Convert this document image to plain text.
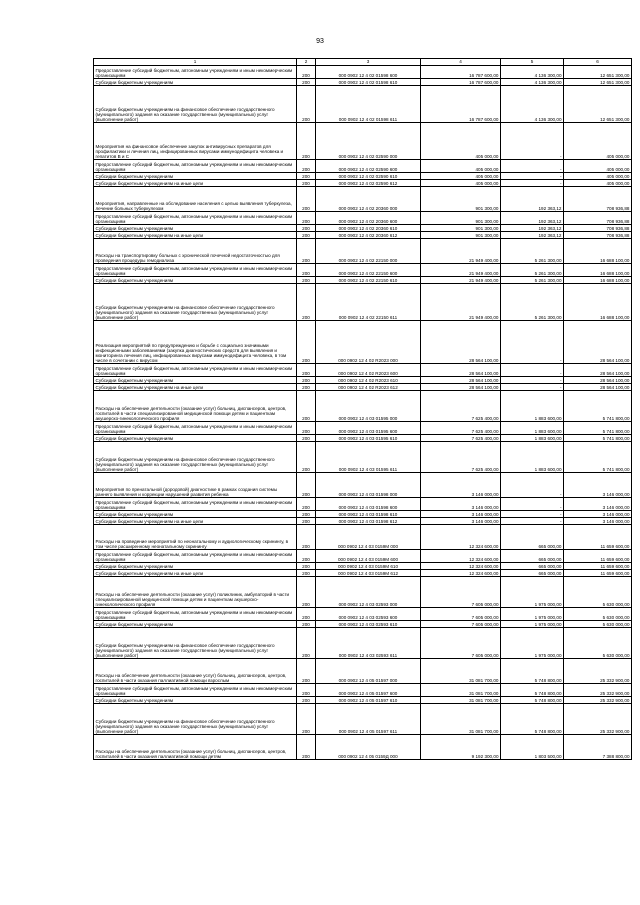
93
1	2	3	4	5	6
Предоставление субсидий бюджетным, автономным учреждениям и иным некоммерческим организациям	200	000 0902 12 4 02 01598 600	16 787 600,00	4 136 300,00	12 651 300,00
Субсидии бюджетным учреждениям	200	000 0902 12 4 02 01598 610	16 787 600,00	4 136 300,00	12 651 300,00
Субсидии бюджетным учреждениям на финансовое обеспечение государственного (муниципального) задания на оказание государственных (муниципальных) услуг (выполнение работ)	200	000 0902 12 4 02 01598 611	16 787 600,00	4 136 300,00	12 651 300,00
Мероприятия на финансовое обеспечение закупок антивирусных препаратов для профилактики и лечения лиц, инфицированных вирусами иммунодефицита человека и гепатитов В и С	200	000 0902 12 4 02 02590 000	405 000,00	-	405 000,00
Предоставление субсидий бюджетным, автономным учреждениям и иным некоммерческим организациям	200	000 0902 12 4 02 02590 600	405 000,00	-	405 000,00
Субсидии бюджетным учреждениям	200	000 0902 12 4 02 02590 610	405 000,00	-	405 000,00
Субсидии бюджетным учреждениям на иные цели	200	000 0902 12 4 02 02590 612	405 000,00	-	405 000,00
Мероприятия, направленные на обследование населения с целью выявления туберкулеза, лечение больных туберкулезом	200	000 0902 12 4 02 20360 000	901 300,00	192 363,12	708 936,88
Предоставление субсидий бюджетным, автономным учреждениям и иным некоммерческим организациям	200	000 0902 12 4 02 20360 600	901 300,00	192 363,12	708 936,88
Субсидии бюджетным учреждениям	200	000 0902 12 4 02 20360 610	901 300,00	192 363,12	708 936,88
Субсидии бюджетным учреждениям на иные цели	200	000 0902 12 4 02 20360 612	901 300,00	192 363,12	708 936,88
Расходы на транспортировку больных с хронической почечной недостаточностью для проведения процедуры гемодиализа	200	000 0902 12 4 02 22150 000	21 949 400,00	5 261 300,00	16 688 100,00
Предоставление субсидий бюджетным, автономным учреждениям и иным некоммерческим организациям	200	000 0902 12 4 02 22150 600	21 949 400,00	5 261 300,00	16 688 100,00
Субсидии бюджетным учреждениям	200	000 0902 12 4 02 22150 610	21 949 400,00	5 261 300,00	16 688 100,00
Субсидии бюджетным учреждениям на финансовое обеспечение государственного (муниципального) задания на оказание государственных (муниципальных) услуг (выполнение работ)	200	000 0902 12 4 02 22150 611	21 949 400,00	5 261 300,00	16 688 100,00
Реализация мероприятий по предупреждению и борьбе с социально значимыми инфекционными заболеваниями (закупка диагностических средств для выявления и мониторинга лечения лиц, инфицированных вирусами иммунодефицита человека, в том числе в сочетании с вирусом	200	000 0902 12 4 02 R2023 000	28 564 100,00	-	28 564 100,00
Предоставление субсидий бюджетным, автономным учреждениям и иным некоммерческим организациям	200	000 0902 12 4 02 R2023 600	28 564 100,00	-	28 564 100,00
Субсидии бюджетным учреждениям	200	000 0902 12 4 02 R2023 610	28 564 100,00	-	28 564 100,00
Субсидии бюджетным учреждениям на иные цели	200	000 0902 12 4 02 R2023 612	28 564 100,00	-	28 564 100,00
Расходы на обеспечение деятельности (оказание услуг) больниц, диспансеров, центров, госпиталей в части специализированной медицинской помощи детям и пациенткам акушерско-гинекологического профиля	200	000 0902 12 4 03 01595 000	7 625 400,00	1 883 600,00	5 741 800,00
Предоставление субсидий бюджетным, автономным учреждениям и иным некоммерческим организациям	200	000 0902 12 4 03 01595 600	7 625 400,00	1 883 600,00	5 741 800,00
Субсидии бюджетным учреждениям	200	000 0902 12 4 03 01595 610	7 625 400,00	1 883 600,00	5 741 800,00
Субсидии бюджетным учреждениям на финансовое обеспечение государственного (муниципального) задания на оказание государственных (муниципальных) услуг (выполнение работ)	200	000 0902 12 4 03 01595 611	7 625 400,00	1 883 600,00	5 741 800,00
Мероприятия по пренатальной (дородовой) диагностике в рамках создания системы раннего выявления и коррекции нарушений развития ребенка	200	000 0902 12 4 03 01598 000	3 146 000,00	-	3 146 000,00
Предоставление субсидий бюджетным, автономным учреждениям и иным некоммерческим организациям	200	000 0902 12 4 03 01598 600	3 146 000,00	-	3 146 000,00
Субсидии бюджетным учреждениям	200	000 0902 12 4 03 01598 610	3 146 000,00	-	3 146 000,00
Субсидии бюджетным учреждениям на иные цели	200	000 0902 12 4 03 01598 612	3 146 000,00	-	3 146 000,00
Расходы на проведение мероприятий по неонатальному и аудиологическому скринингу, в том числе расширенному неонатальному скринингу	200	000 0902 12 4 03 0159M 000	12 324 600,00	665 000,00	11 659 600,00
Предоставление субсидий бюджетным, автономным учреждениям и иным некоммерческим организациям	200	000 0902 12 4 03 0159M 600	12 324 600,00	665 000,00	11 659 600,00
Субсидии бюджетным учреждениям	200	000 0902 12 4 03 0159M 610	12 324 600,00	665 000,00	11 659 600,00
Субсидии бюджетным учреждениям на иные цели	200	000 0902 12 4 03 0159M 612	12 324 600,00	665 000,00	11 659 600,00
Расходы на обеспечение деятельности (оказание услуг) поликлиник, амбулаторий в части специализированной медицинской помощи детям и пациенткам акушерско-гинекологического профиля	200	000 0902 12 4 03 02593 000	7 605 000,00	1 975 000,00	5 630 000,00
Предоставление субсидий бюджетным, автономным учреждениям и иным некоммерческим организациям	200	000 0902 12 4 03 02593 600	7 605 000,00	1 975 000,00	5 630 000,00
Субсидии бюджетным учреждениям	200	000 0902 12 4 03 02593 610	7 605 000,00	1 975 000,00	5 630 000,00
Субсидии бюджетным учреждениям на финансовое обеспечение государственного (муниципального) задания на оказание государственных (муниципальных) услуг (выполнение работ)	200	000 0902 12 4 03 02593 611	7 605 000,00	1 975 000,00	5 630 000,00
Расходы на обеспечение деятельности (оказание услуг) больниц, диспансеров, центров, госпиталей в части оказания паллиативной помощи взрослым	200	000 0902 12 4 05 01597 000	31 081 700,00	5 748 800,00	25 332 900,00
Предоставление субсидий бюджетным, автономным учреждениям и иным некоммерческим организациям	200	000 0902 12 4 05 01597 600	31 081 700,00	5 748 800,00	25 332 900,00
Субсидии бюджетным учреждениям	200	000 0902 12 4 05 01597 610	31 081 700,00	5 748 800,00	25 332 900,00
Субсидии бюджетным учреждениям на финансовое обеспечение государственного (муниципального) задания на оказание государственных (муниципальных) услуг (выполнение работ)	200	000 0902 12 4 05 01597 611	31 081 700,00	5 748 800,00	25 332 900,00
Расходы на обеспечение деятельности (оказание услуг) больниц, диспансеров, центров, госпиталей в части оказания паллиативной помощи детям	200	000 0902 12 4 05 0159Д 000	9 192 300,00	1 803 500,00	7 388 800,00
